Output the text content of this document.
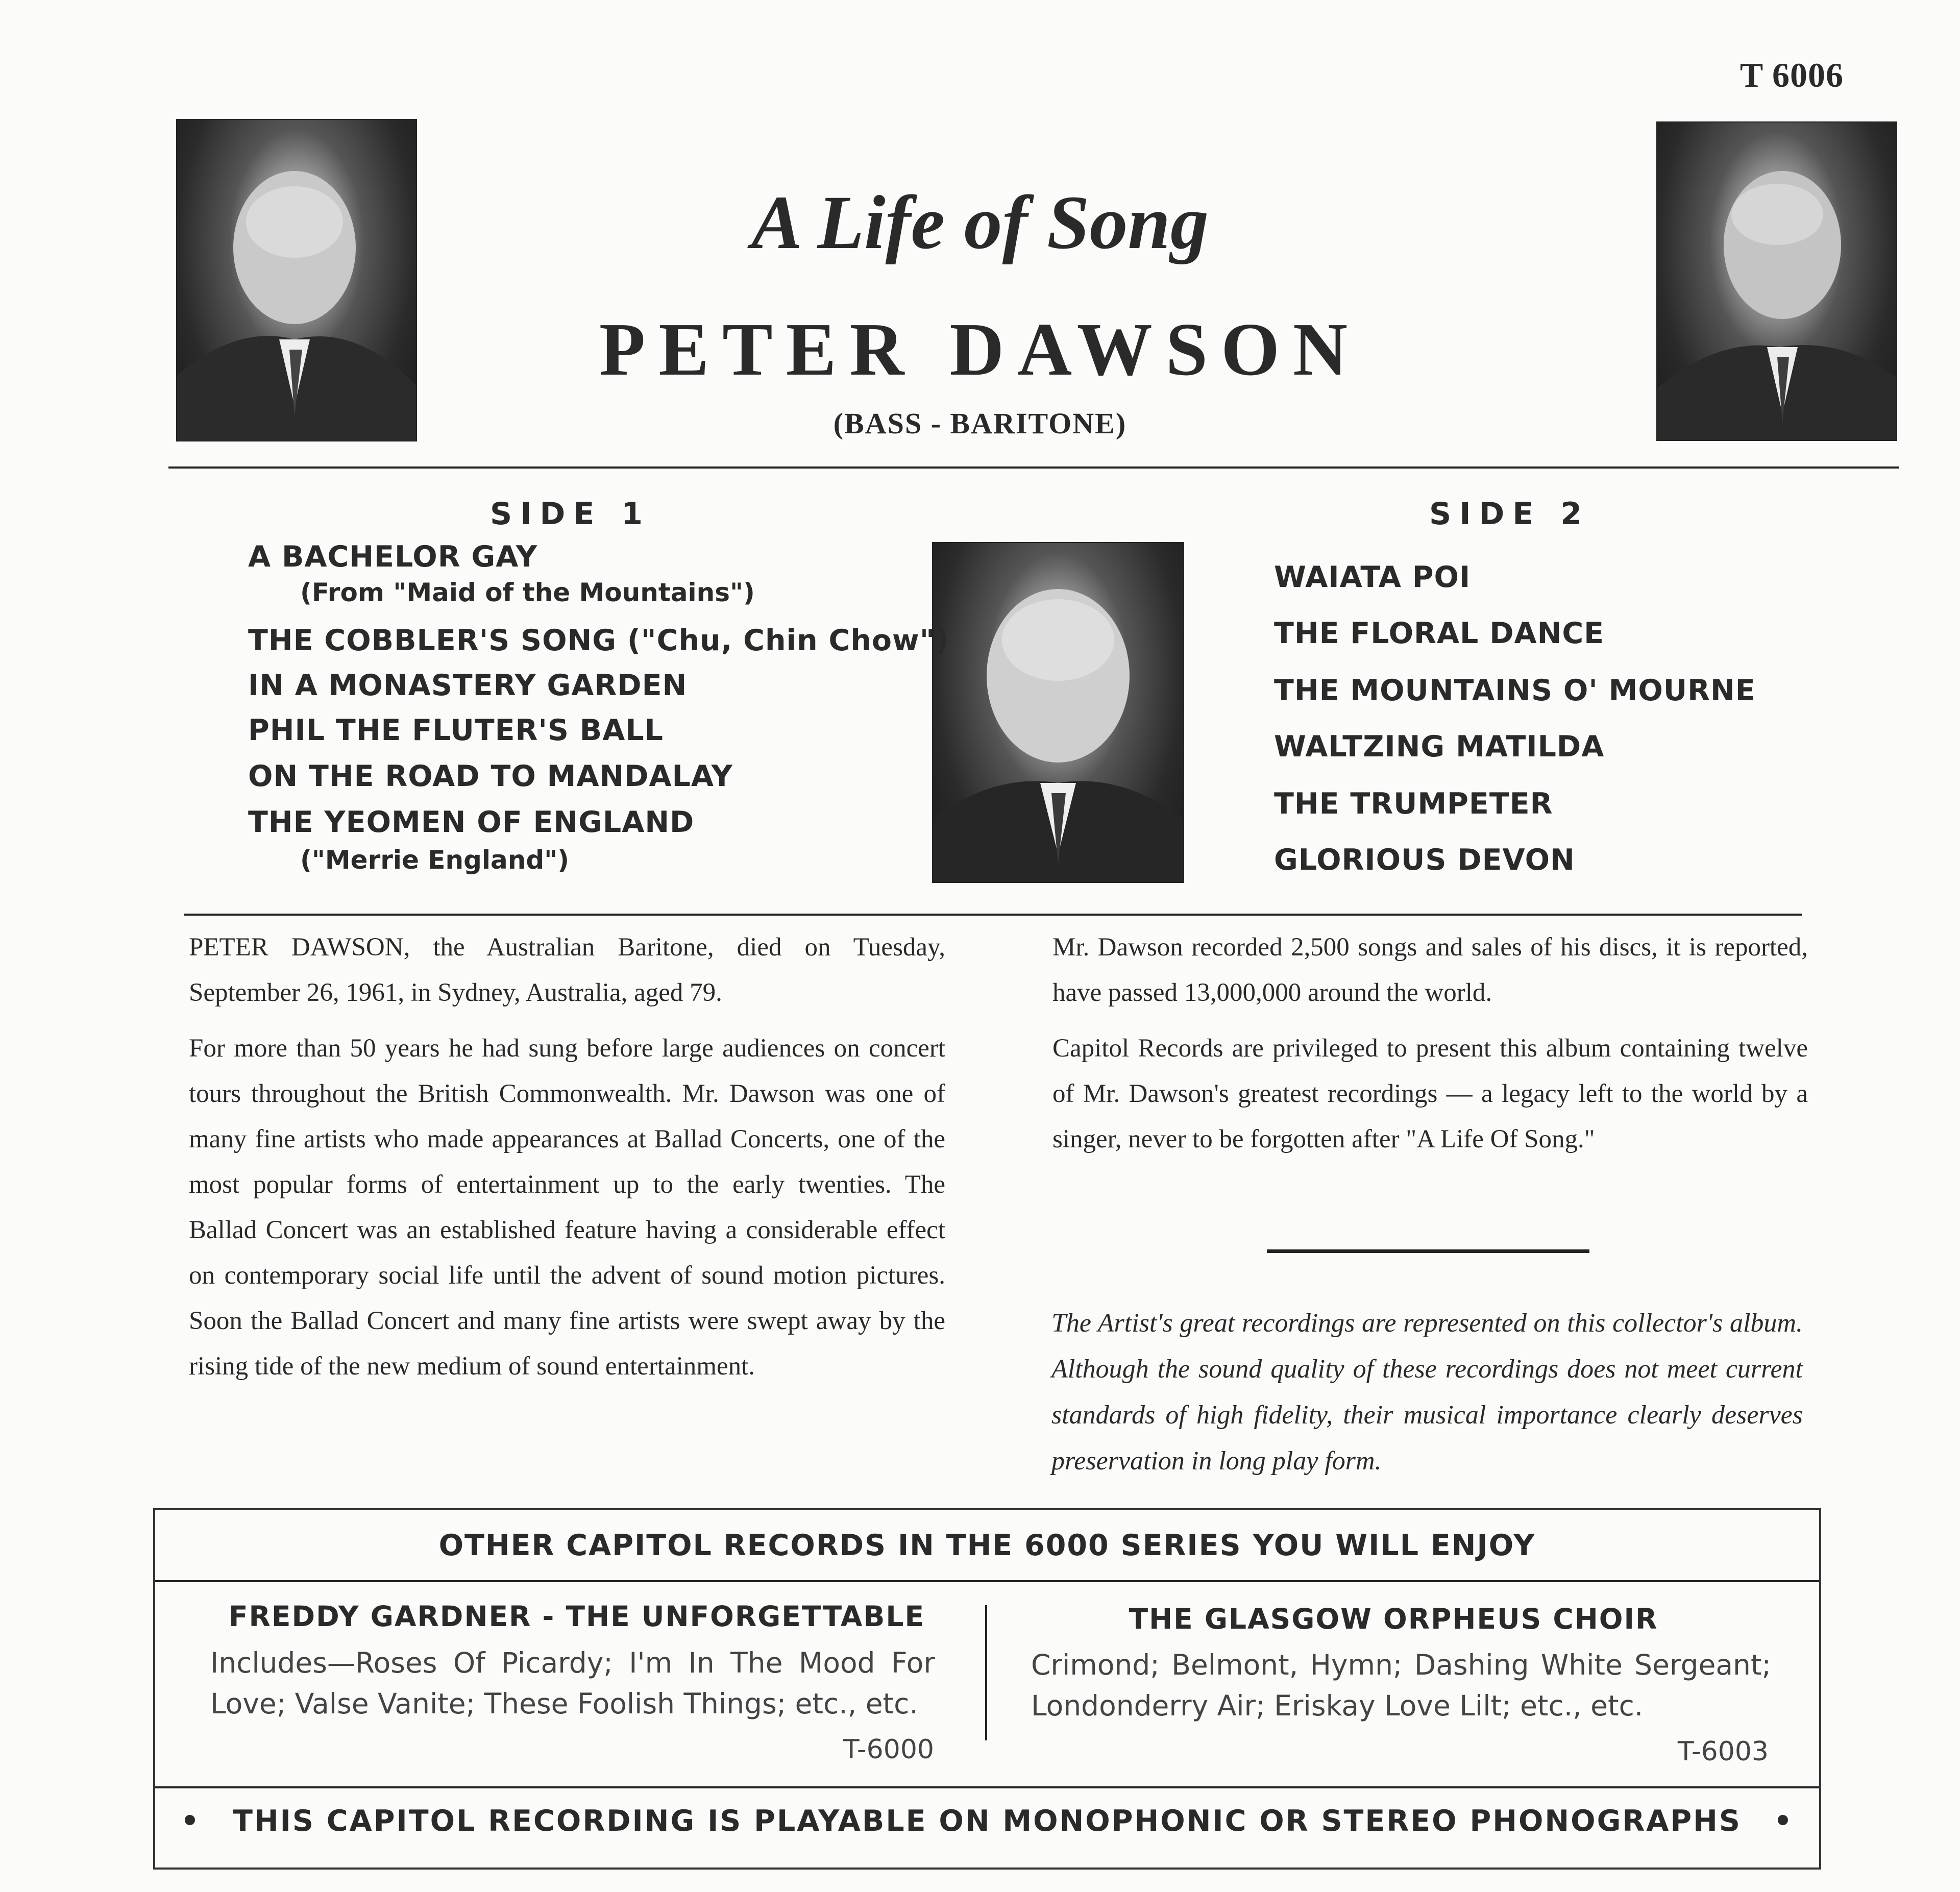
T 6006
A Life of Song
PETER DAWSON
(BASS - BARITONE)
SIDE 1
A BACHELOR GAY
(From "Maid of the Mountains")
THE COBBLER'S SONG ("Chu, Chin Chow")
IN A MONASTERY GARDEN
PHIL THE FLUTER'S BALL
ON THE ROAD TO MANDALAY
THE YEOMEN OF ENGLAND
("Merrie England")
SIDE 2
WAIATA POI
THE FLORAL DANCE
THE MOUNTAINS O' MOURNE
WALTZING MATILDA
THE TRUMPETER
GLORIOUS DEVON

PETER DAWSON, the Australian Baritone, died on Tuesday, September 26, 1961, in Sydney, Australia, aged 79.

For more than 50 years he had sung before large audiences on concert tours throughout the British Commonwealth. Mr. Dawson was one of many fine artists who made appearances at Ballad Concerts, one of the most popular forms of entertainment up to the early twenties. The Ballad Concert was an established feature having a considerable effect on contemporary social life until the advent of sound motion pictures. Soon the Ballad Concert and many fine artists were swept away by the rising tide of the new medium of sound entertainment.

Mr. Dawson recorded 2,500 songs and sales of his discs, it is reported, have passed 13,000,000 around the world.

Capitol Records are privileged to present this album containing twelve of Mr. Dawson's greatest recordings — a legacy left to the world by a singer, never to be forgotten after "A Life Of Song."

The Artist's great recordings are represented on this collector's album. Although the sound quality of these recordings does not meet current standards of high fidelity, their musical importance clearly deserves preservation in long play form.
OTHER CAPITOL RECORDS IN THE 6000 SERIES YOU WILL ENJOY
FREDDY GARDNER - THE UNFORGETTABLE
Includes—Roses Of Picardy; I'm In The Mood For Love; Valse Vanite; These Foolish Things; etc., etc.
T-6000
THE GLASGOW ORPHEUS CHOIR
Crimond; Belmont, Hymn; Dashing White Sergeant; Londonderry Air; Eriskay Love Lilt; etc., etc.
T-6003
• THIS CAPITOL RECORDING IS PLAYABLE ON MONOPHONIC OR STEREO PHONOGRAPHS •
